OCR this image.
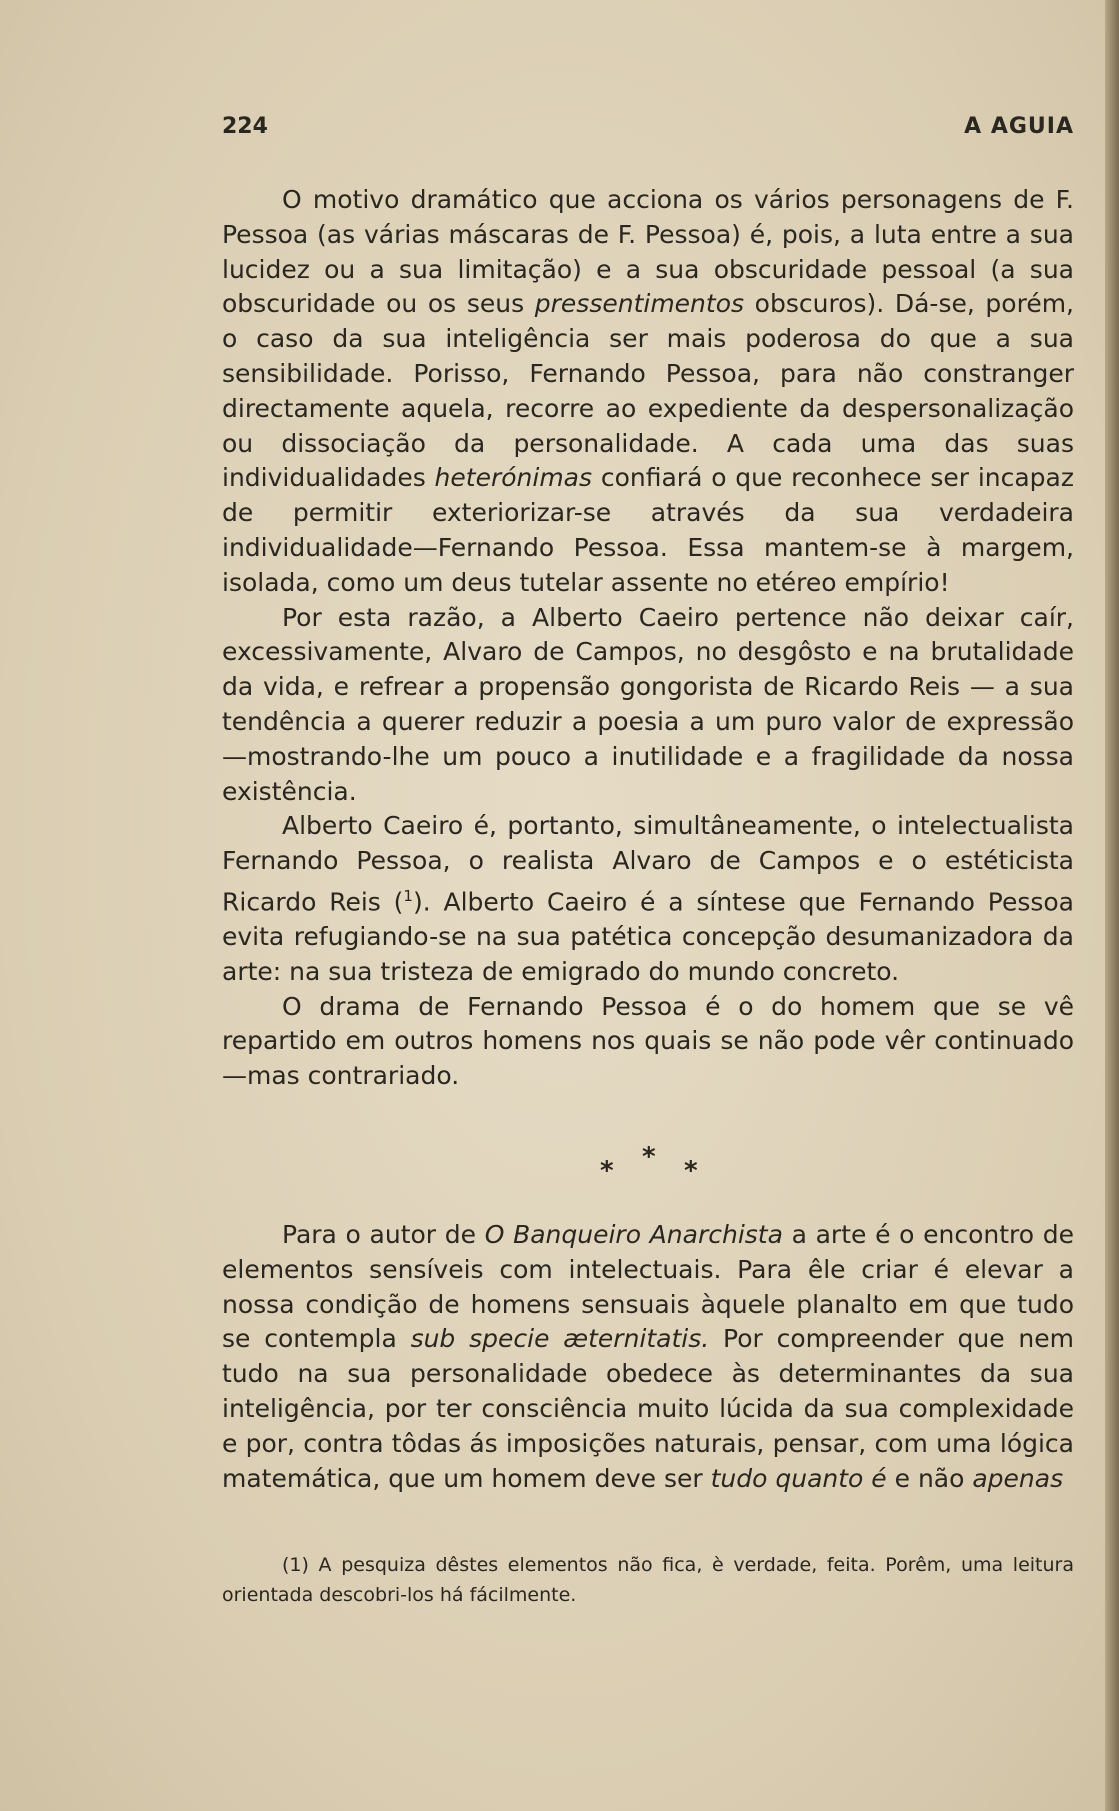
224	A AGUIA

O motivo dramático que acciona os vários personagens de F. Pessoa (as várias máscaras de F. Pessoa) é, pois, a luta entre a sua lucidez ou a sua limitação) e a sua obscuridade pessoal (a sua obscuridade ou os seus pressentimentos obscuros). Dá-se, porém, o caso da sua inteligência ser mais poderosa do que a sua sensibilidade. Porisso, Fernando Pessoa, para não constranger directamente aquela, recorre ao expediente da despersonalização ou dissociação da personalidade. A cada uma das suas individualidades heterónimas confiará o que reconhece ser incapaz de permitir exteriorizar-se através da sua verdadeira individualidade—Fernando Pessoa. Essa mantem-se à margem, isolada, como um deus tutelar assente no etéreo empírio!

Por esta razão, a Alberto Caeiro pertence não deixar caír, excessivamente, Alvaro de Campos, no desgôsto e na brutalidade da vida, e refrear a propensão gongorista de Ricardo Reis — a sua tendência a querer reduzir a poesia a um puro valor de expressão—mostrando-lhe um pouco a inutilidade e a fragilidade da nossa existência.

Alberto Caeiro é, portanto, simultâneamente, o intelectualista Fernando Pessoa, o realista Alvaro de Campos e o estéticista Ricardo Reis ($^1$). Alberto Caeiro é a síntese que Fernando Pessoa evita refugiando-se na sua patética concepção desumanizadora da arte: na sua tristeza de emigrado do mundo concreto.

O drama de Fernando Pessoa é o do homem que se vê repartido em outros homens nos quais se não pode vêr continuado—mas contrariado.

* * *

Para o autor de O Banqueiro Anarchista a arte é o encontro de elementos sensíveis com intelectuais. Para êle criar é elevar a nossa condição de homens sensuais àquele planalto em que tudo se contempla sub specie æternitatis. Por compreender que nem tudo na sua personalidade obedece às determinantes da sua inteligência, por ter consciência muito lúcida da sua complexidade e por, contra tôdas ás imposições naturais, pensar, com uma lógica matemática, que um homem deve ser tudo quanto é e não apenas

(1) A pesquiza dêstes elementos não fica, è verdade, feita. Porêm, uma leitura orientada descobri-los há fácilmente.
